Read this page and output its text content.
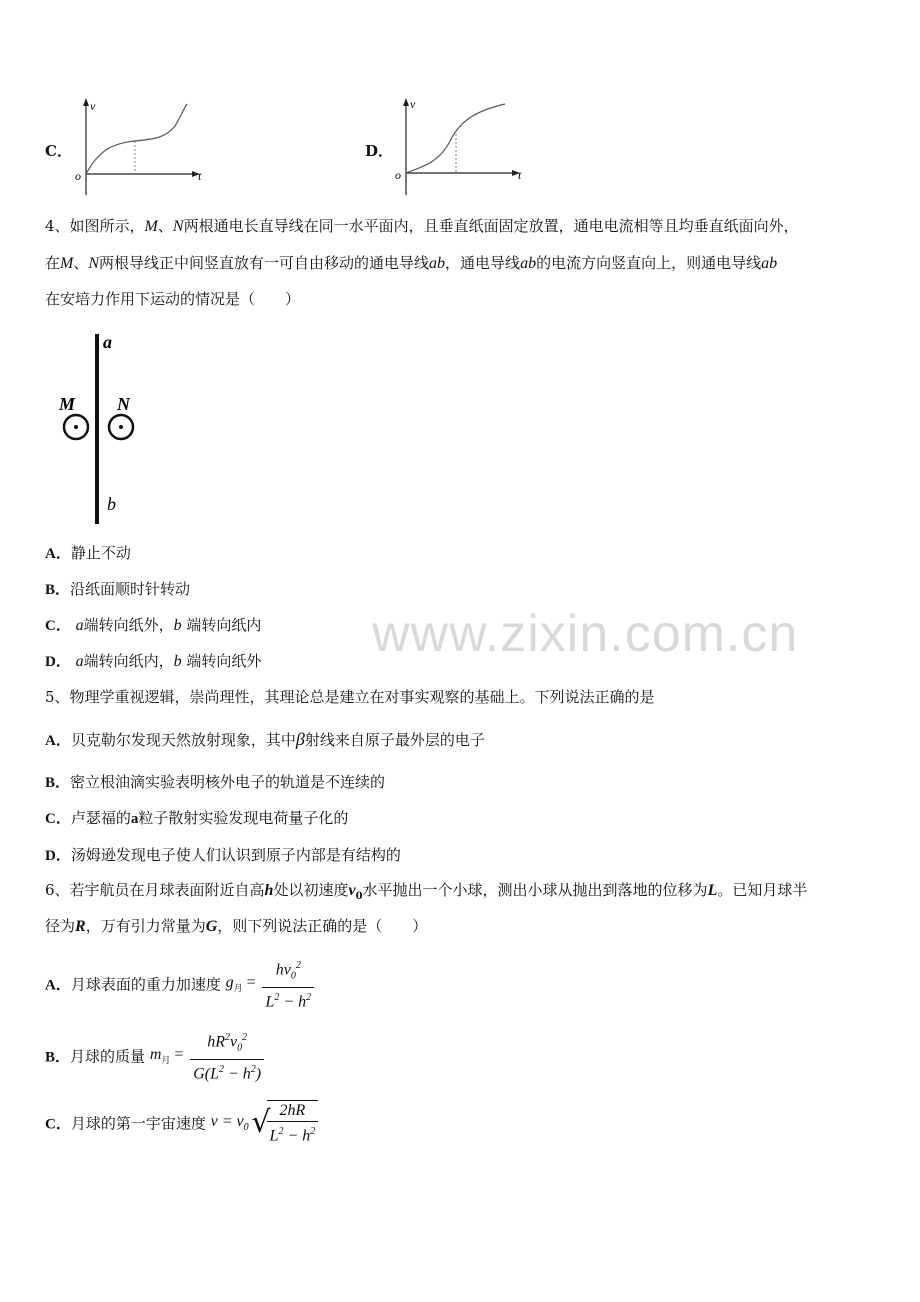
C．
v
t
o
D．
v
t
o
4、如图所示，M、N两根通电长直导线在同一水平面内，且垂直纸面固定放置，通电电流相等且均垂直纸面向外，
在M、N两根导线正中间竖直放有一可自由移动的通电导线ab，通电导线ab的电流方向竖直向上，则通电导线ab
在安培力作用下运动的情况是（　　）
a
b
M N
A．静止不动
B．沿纸面顺时针转动
C． a端转向纸外，b 端转向纸内
D． a端转向纸内，b 端转向纸外
5、物理学重视逻辑，崇尚理性，其理论总是建立在对事实观察的基础上。下列说法正确的是
A．贝克勒尔发现天然放射现象，其中β射线来自原子最外层的电子
B．密立根油滴实验表明核外电子的轨道是不连续的
C．卢瑟福的a粒子散射实验发现电荷量子化的
D．汤姆逊发现电子使人们认识到原子内部是有结构的
6、若宇航员在月球表面附近自高h处以初速度$v_0$水平抛出一个小球，测出小球从抛出到落地的位移为L。已知月球半
径为R，万有引力常量为G，则下列说法正确的是（　　）
A．月球表面的重力加速度 $g_月 = \frac{hv_0^2}{L^2 - h^2}$
B．月球的质量 $m_月 = \frac{hR^2v_0^2}{G(L^2 - h^2)}$
C．月球的第一宇宙速度 $v = v_0$ √
$\frac{2hR}{L^2 - h^2}$
www.zixin.com.cn
